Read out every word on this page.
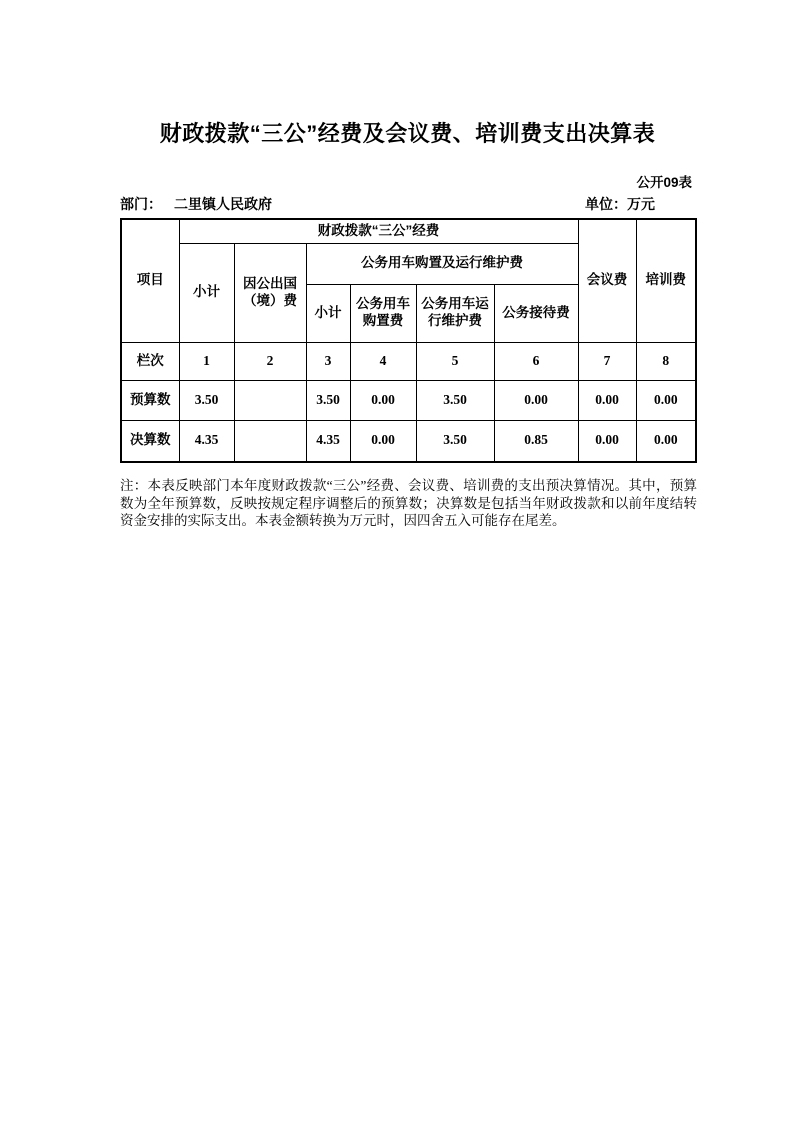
财政拨款“三公”经费及会议费、培训费支出决算表
公开09表
部门： 二里镇人民政府	单位：万元
项目	财政拨款“三公”经费						会议费	培训费
	小计	因公出国（境）费	公务用车购置及运行维护费					
			小计	公务用车购置费	公务用车运行维护费	公务接待费		
栏次	1	2	3	4	5	6	7	8
预算数	3.50		3.50	0.00	3.50	0.00	0.00	0.00
决算数	4.35		4.35	0.00	3.50	0.85	0.00	0.00

注：本表反映部门本年度财政拨款“三公”经费、会议费、培训费的支出预决算情况。其中，预算数为全年预算数，反映按规定程序调整后的预算数；决算数是包括当年财政拨款和以前年度结转资金安排的实际支出。本表金额转换为万元时，因四舍五入可能存在尾差。
